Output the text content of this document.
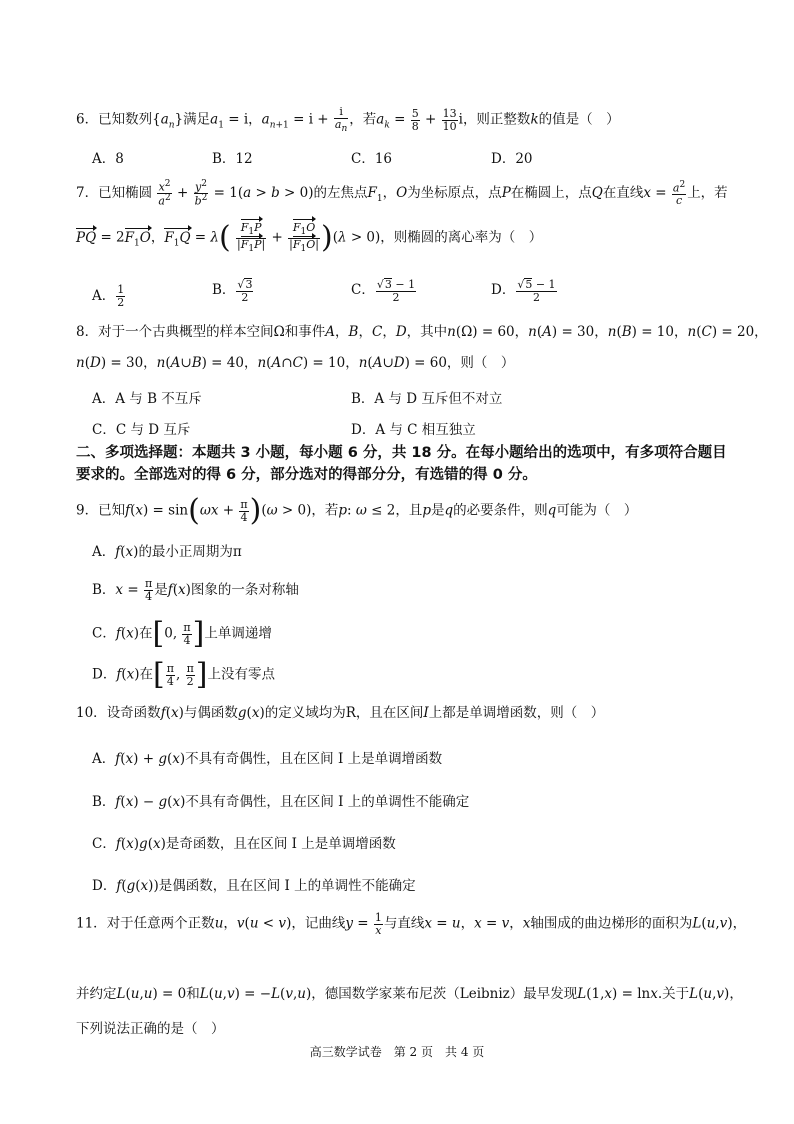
6．已知数列$\{a_n\}$满足$a_1 = i$，$a_{n+1} = i + \frac{i}{a_n}$ ，若$a_k = \frac{5}{8} + \frac{13}{10}$ i，则正整数k的值是（　）
A．8	B．12	C．16	D．20
7．已知椭圆 $\frac{x^2}{a^2} + \frac{y^2}{b^2} = 1(a > b > 0)$的左焦点$F_1$，O为坐标原点，点P在椭圆上，点Q在直线$x = \frac{a^2}{c}$ 上，若
PQ = $2F_1O$，$F_1Q = \lambda( \frac{F_1P}{|F_1P|} + \frac{F_1O}{|F_1O|} )(\lambda > 0)$，则椭圆的离心率为（　）
A． $\frac{1}{2}$	B． $\frac{√3}{2}$	C． $\frac{√3 - 1}{2}$	D． $\frac{√5 - 1}{2}$
8．对于一个古典概型的样本空间Ω和事件A，B，C，D，其中n(Ω) = 60，n(A) = 30，n(B) = 10，n(C) = 20，
n(D) = 30，n(A∪B) = 40，n(A∩C) = 10，n(A∪D) = 60，则（　）
A．A 与 B 不互斥	B．A 与 D 互斥但不对立
C．C 与 D 互斥	D．A 与 C 相互独立
二、多项选择题：本题共 3 小题，每小题 6 分，共 18 分。在每小题给出的选项中，有多项符合题目要求的。全部选对的得 6 分，部分选对的得部分分，有选错的得 0 分。
9．已知$f(x) = \sin(\omega x + \frac{\pi}{4} )(\omega > 0)$，若p: ω ≤ 2，且p是q的必要条件，则q可能为（　）
A．f(x)的最小正周期为π
B．$x = \frac{\pi}{4}$ 是f(x)图象的一条对称轴
C．f(x)在[0, $\frac{\pi}{4}$ ]上单调递增
D．f(x)在[ $\frac{\pi}{4}$ , $\frac{\pi}{2}$ ]上没有零点
10．设奇函数f(x)与偶函数g(x)的定义域均为R，且在区间I上都是单调增函数，则（　）
A．f(x) + g(x)不具有奇偶性，且在区间 I 上是单调增函数
B．f(x) − g(x)不具有奇偶性，且在区间 I 上的单调性不能确定
C．f(x)g(x)是奇函数，且在区间 I 上是单调增函数
D．f(g(x))是偶函数，且在区间 I 上的单调性不能确定
11．对于任意两个正数u，v(u < v)，记曲线$y = \frac{1}{x}$ 与直线x = u，x = v，x轴围成的曲边梯形的面积为L(u,v)，
并约定L(u,u) = 0和L(u,v) = −L(v,u)，德国数学家莱布尼茨（Leibniz）最早发现L(1,x) = lnx.关于L(u,v)，
下列说法正确的是（　）
高三数学试卷　第 2 页　共 4 页
